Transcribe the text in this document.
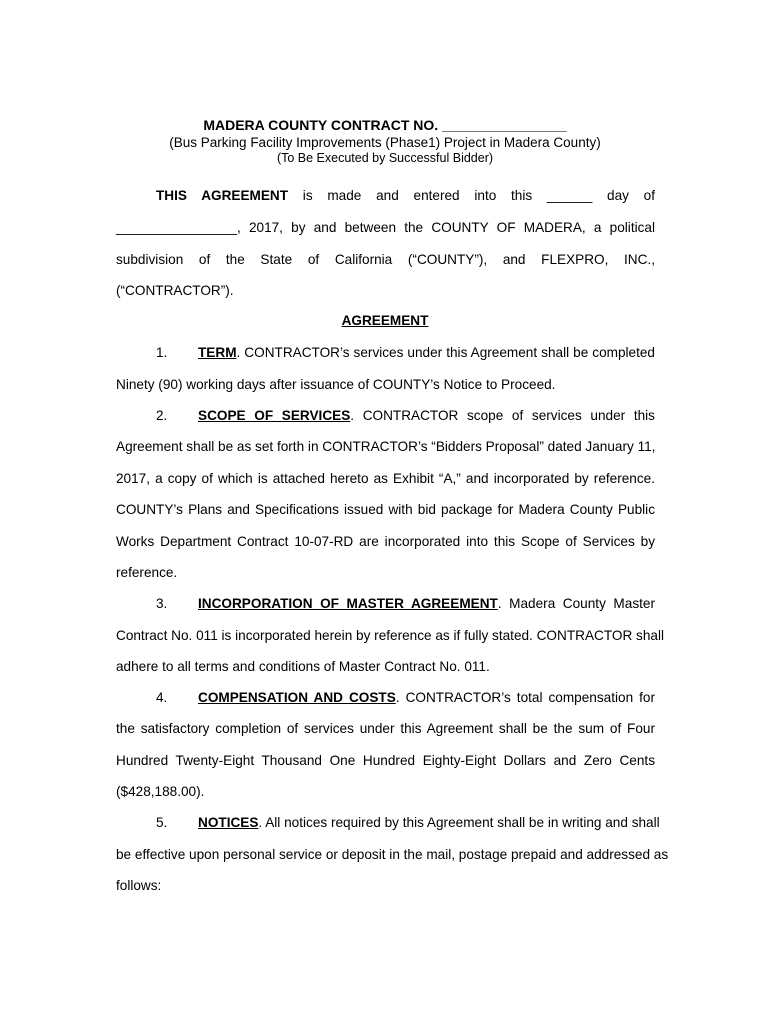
MADERA COUNTY CONTRACT NO. ________________
(Bus Parking Facility Improvements (Phase1) Project in Madera County)
(To Be Executed by Successful Bidder)
THIS AGREEMENT is made and entered into this ______ day of
________________, 2017, by and between the COUNTY OF MADERA, a political
subdivision of the State of California (“COUNTY”), and FLEXPRO, INC.,
(“CONTRACTOR”).
AGREEMENT
1. TERM. CONTRACTOR’s services under this Agreement shall be completed
Ninety (90) working days after issuance of COUNTY’s Notice to Proceed.
2. SCOPE OF SERVICES. CONTRACTOR scope of services under this
Agreement shall be as set forth in CONTRACTOR’s “Bidders Proposal” dated January 11,
2017, a copy of which is attached hereto as Exhibit “A,” and incorporated by reference.
COUNTY’s Plans and Specifications issued with bid package for Madera County Public
Works Department Contract 10-07-RD are incorporated into this Scope of Services by
reference.
3. INCORPORATION OF MASTER AGREEMENT. Madera County Master
Contract No. 011 is incorporated herein by reference as if fully stated. CONTRACTOR shall
adhere to all terms and conditions of Master Contract No. 011.
4. COMPENSATION AND COSTS. CONTRACTOR’s total compensation for
the satisfactory completion of services under this Agreement shall be the sum of Four
Hundred Twenty-Eight Thousand One Hundred Eighty-Eight Dollars and Zero Cents
($428,188.00).
5. NOTICES. All notices required by this Agreement shall be in writing and shall
be effective upon personal service or deposit in the mail, postage prepaid and addressed as
follows:
